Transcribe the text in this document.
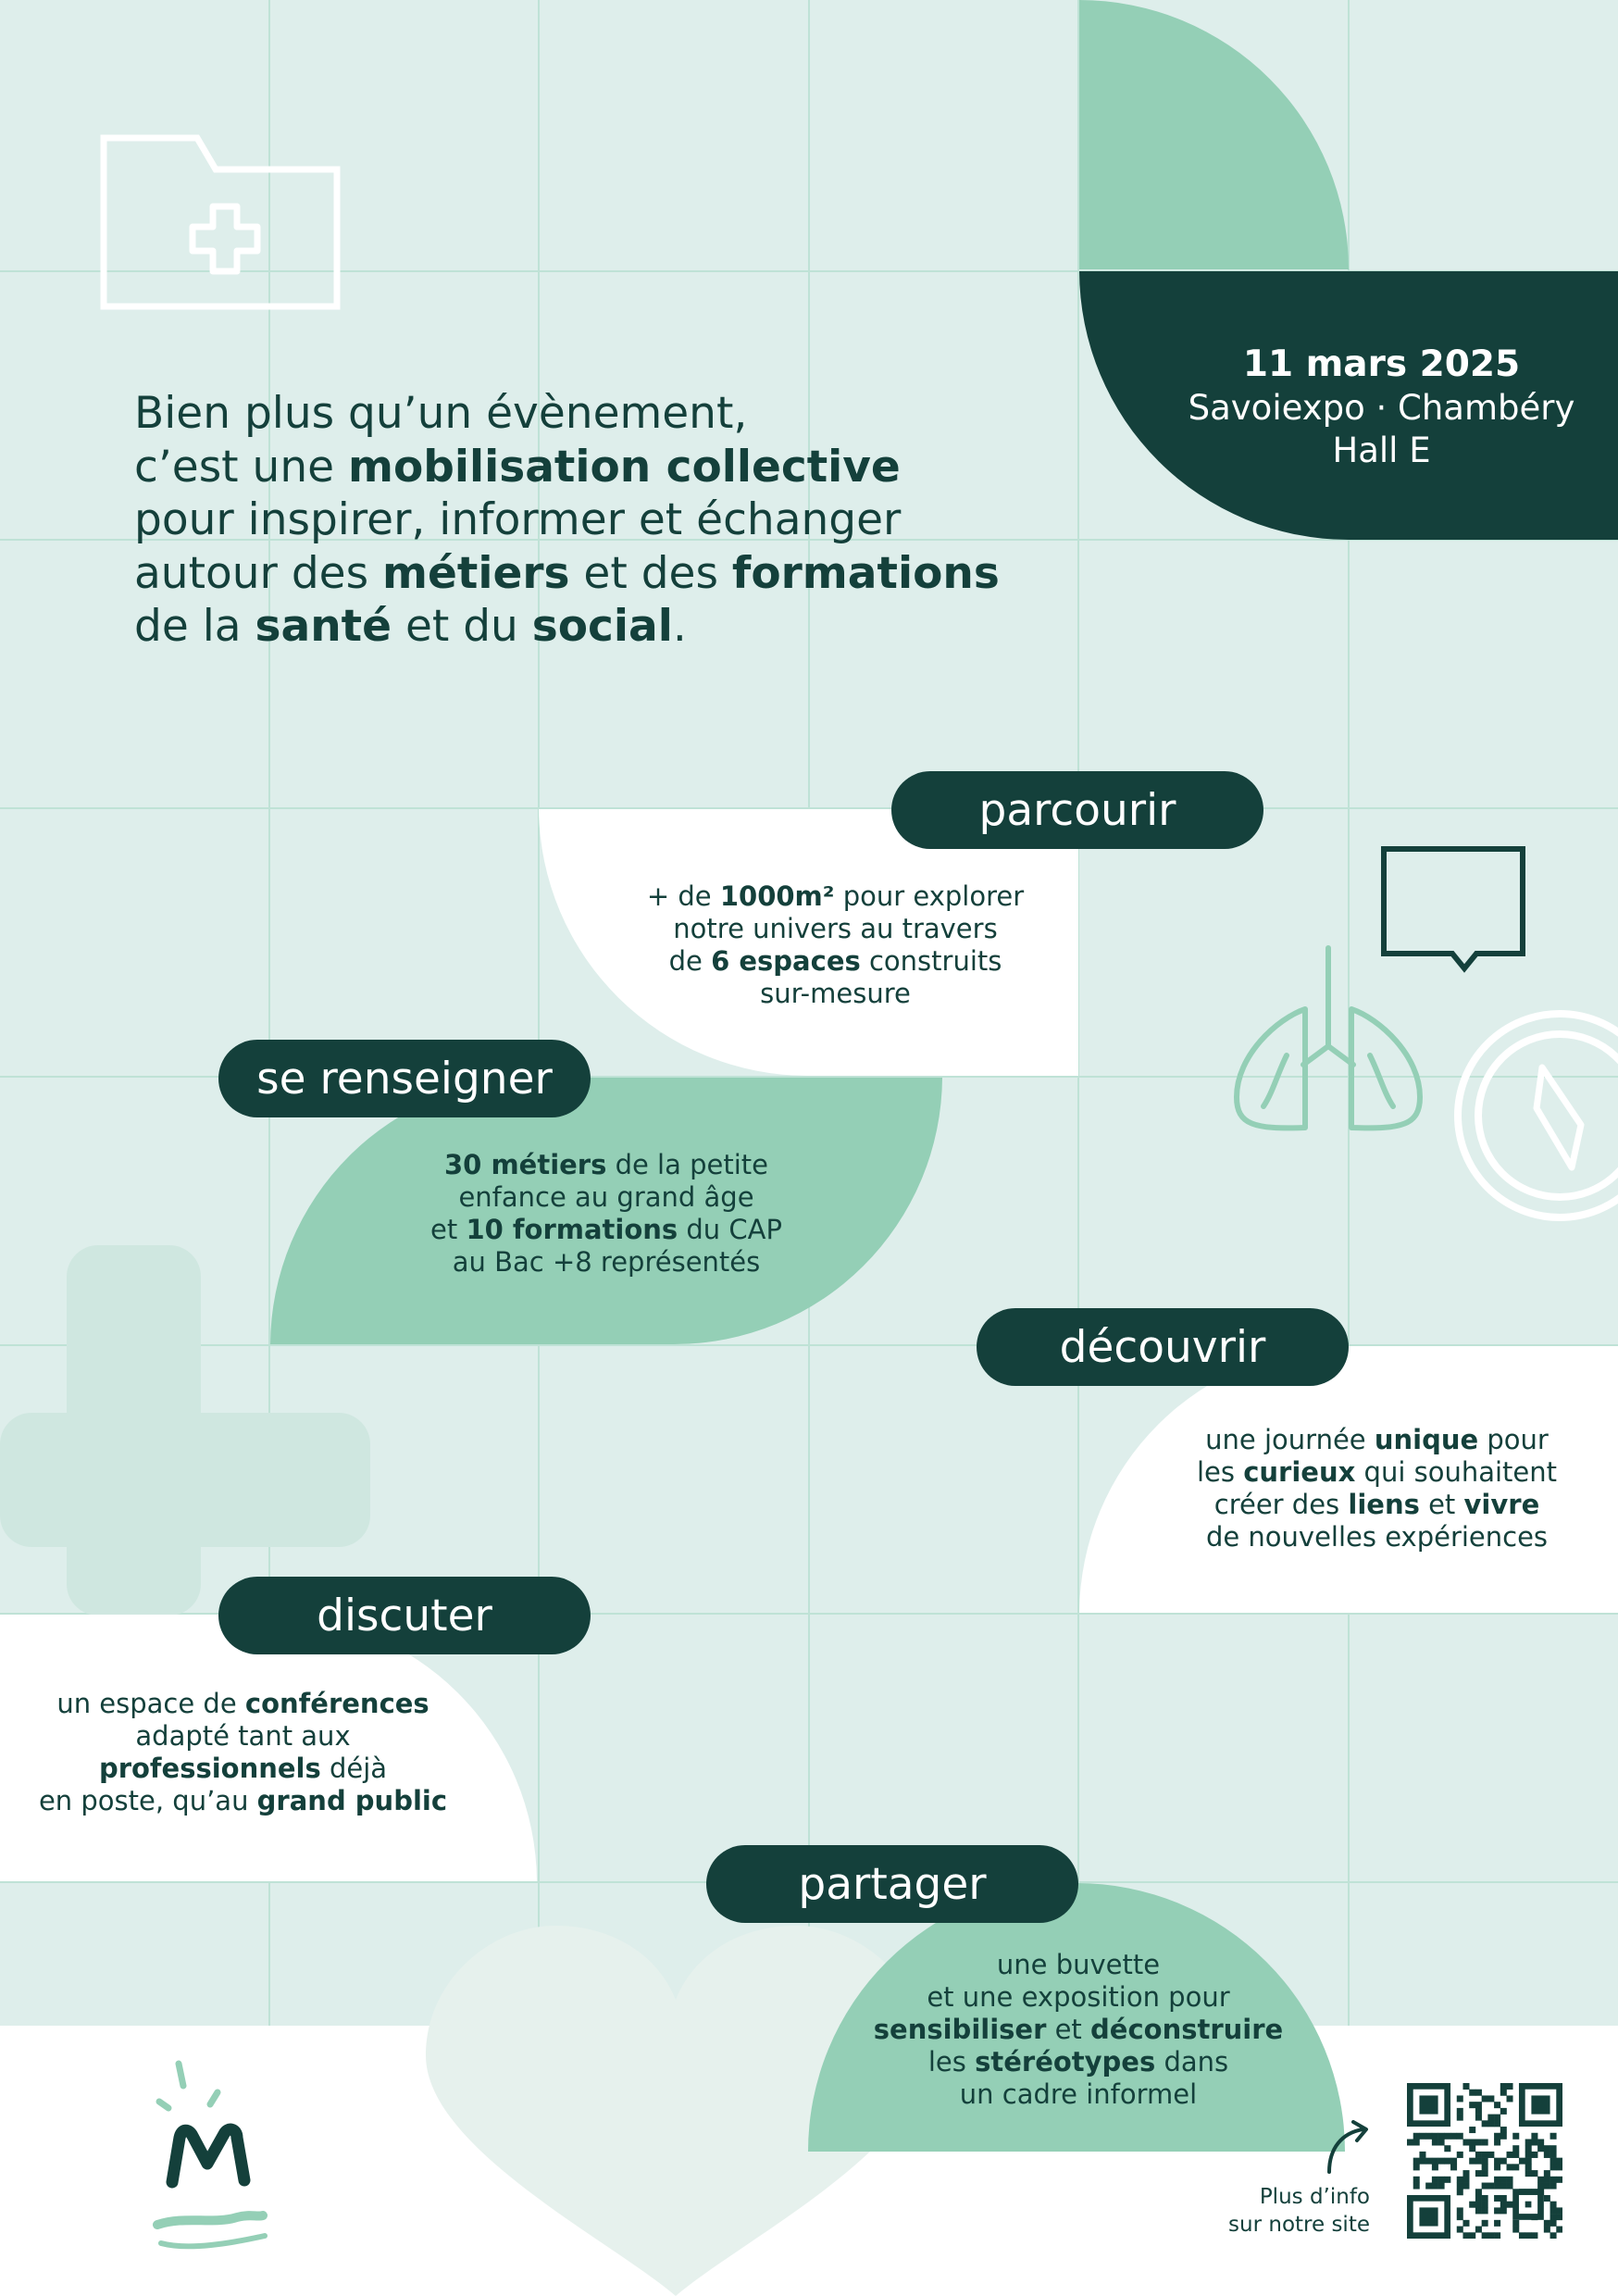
Bien plus qu’un évènement,
c’est une mobilisation collective
pour inspirer, informer et échanger
autour des métiers et des formations
de la santé et du social.
11 mars 2025
Savoiexpo · Chambéry
Hall E
parcourir
se renseigner
découvrir
discuter
partager
+ de 1000m² pour explorer
notre univers au travers
de 6 espaces construits
sur-mesure
30 métiers de la petite
enfance au grand âge
et 10 formations du CAP
au Bac +8 représentés
une journée unique pour
les curieux qui souhaitent
créer des liens et vivre
de nouvelles expériences
un espace de conférences
adapté tant aux
professionnels déjà
en poste, qu’au grand public
une buvette
et une exposition pour
sensibiliser et déconstruire
les stéréotypes dans
un cadre informel
Plus d’info
sur notre site
